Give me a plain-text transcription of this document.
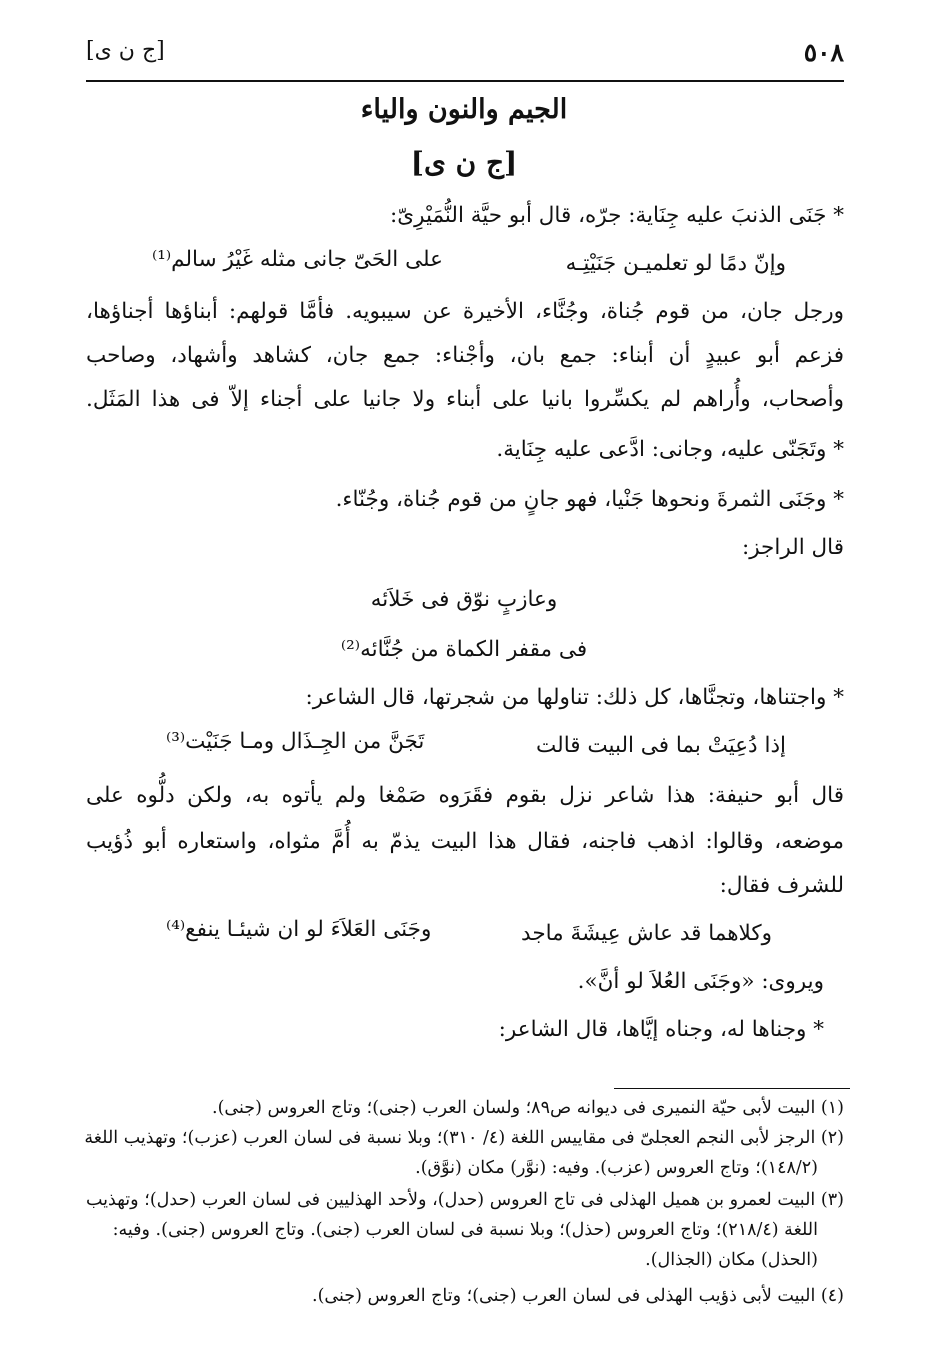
٥٠٨
[ج ن ى]
الجيم والنون والياء
[ج ن ى]
* جَنَى الذنبَ عليه جِنَاية: جرّه، قال أبو حيَّة النُّمَيْرِىّ:
وإنّ دمًا لو تعلميـن جَنَيْتِـه
على الحَىّ جانى مثله غَيْرُ سالم⁽¹⁾
ورجل جان، من قوم جُناة، وجُنَّاء، الأخيرة عن سيبويه. فأمَّا قولهم: أبناؤها أجناؤها،
فزعم أبو عبيدٍ أن أبناء: جمع بان، وأجْناء: جمع جان، كشاهد وأشهاد، وصاحب
وأصحاب، وأُراهم لم يكسِّروا بانيا على أبناء ولا جانيا على أجناء إلاّ فى هذا المَثَل.
* وتَجَنّى عليه، وجانى: ادَّعى عليه جِنَاية.
* وجَنَى الثمرةَ ونحوها جَنْيا، فهو جانٍ من قوم جُناة، وجُنّاء.
قال الراجز:
وعازبٍ نوّق فى خَلاَئه
فى مقفر الكماة من جُنَّائه⁽²⁾
* واجتناها، وتجنَّاها، كل ذلك: تناولها من شجرتها، قال الشاعر:
إذا دُعِيَتْ بما فى البيت قالت
تَجَنَّ من الجِـذَال ومـا جَنَيْت⁽³⁾
قال أبو حنيفة: هذا شاعر نزل بقوم فقَرَوه صَمْغا ولم يأتوه به، ولكن دلُّوه على
موضعه، وقالوا: اذهب فاجنه، فقال هذا البيت يذمّ به أُمَّ مثواه، واستعاره أبو ذُؤيب
للشرف فقال:
وكلاهما قد عاش عِيشَةَ ماجد
وجَنَى العَلاَءَ لو ان شيئـا ينفع⁽⁴⁾
ويروى: «وجَنَى العُلاَ لو أنَّ».
* وجناها له، وجناه إيَّاها، قال الشاعر:
(١) البيت لأبى حيّة النميرى فى ديوانه ص٨٩؛ ولسان العرب (جنى)؛ وتاج العروس (جنى).
(٢) الرجز لأبى النجم العجلىّ فى مقاييس اللغة (٤/ ٣١٠)؛ وبلا نسبة فى لسان العرب (عزب)؛ وتهذيب اللغة
(١٤٨/٢)؛ وتاج العروس (عزب). وفيه: (نوَّر) مكان (نوَّق).
(٣) البيت لعمرو بن هميل الهذلى فى تاج العروس (حدل)، ولأحد الهذليين فى لسان العرب (حدل)؛ وتهذيب
اللغة (٢١٨/٤)؛ وتاج العروس (حذل)؛ وبلا نسبة فى لسان العرب (جنى). وتاج العروس (جنى). وفيه:
(الحذل) مكان (الجذال).
(٤) البيت لأبى ذؤيب الهذلى فى لسان العرب (جنى)؛ وتاج العروس (جنى).
